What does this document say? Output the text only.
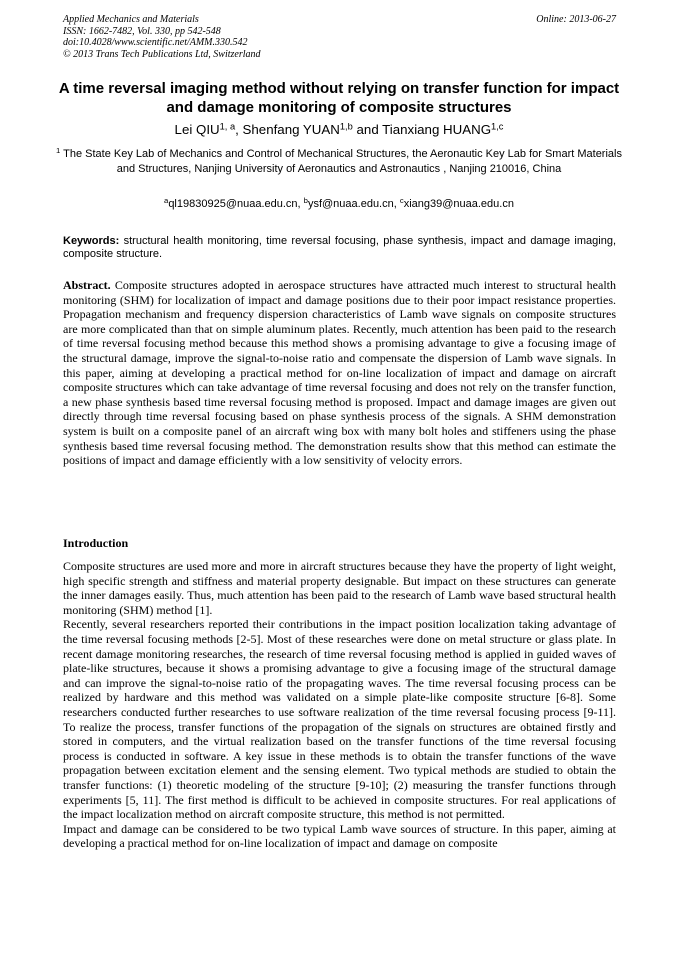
Applied Mechanics and Materials
ISSN: 1662-7482, Vol. 330, pp 542-548
doi:10.4028/www.scientific.net/AMM.330.542
© 2013 Trans Tech Publications Ltd, Switzerland
Online: 2013-06-27
A time reversal imaging method without relying on transfer function for impact and damage monitoring of composite structures
Lei QIU$^{1, a}$, Shenfang YUAN$^{1,b}$ and Tianxiang HUANG$^{1,c}$
$^1$ The State Key Lab of Mechanics and Control of Mechanical Structures, the Aeronautic Key Lab for Smart Materials and Structures, Nanjing University of Aeronautics and Astronautics , Nanjing 210016, China
$^a$ql19830925@nuaa.edu.cn, $^b$ysf@nuaa.edu.cn, $^c$xiang39@nuaa.edu.cn
Keywords: structural health monitoring, time reversal focusing, phase synthesis, impact and damage imaging, composite structure.
Abstract. Composite structures adopted in aerospace structures have attracted much interest to structural health monitoring (SHM) for localization of impact and damage positions due to their poor impact resistance properties. Propagation mechanism and frequency dispersion characteristics of Lamb wave signals on composite structures are more complicated than that on simple aluminum plates. Recently, much attention has been paid to the research of time reversal focusing method because this method shows a promising advantage to give a focusing image of the structural damage, improve the signal-to-noise ratio and compensate the dispersion of Lamb wave signals. In this paper, aiming at developing a practical method for on-line localization of impact and damage on aircraft composite structures which can take advantage of time reversal focusing and does not rely on the transfer function, a new phase synthesis based time reversal focusing method is proposed. Impact and damage images are given out directly through time reversal focusing based on phase synthesis process of the signals. A SHM demonstration system is built on a composite panel of an aircraft wing box with many bolt holes and stiffeners using the phase synthesis based time reversal focusing method. The demonstration results show that this method can estimate the positions of impact and damage efficiently with a low sensitivity of velocity errors.
Introduction

Composite structures are used more and more in aircraft structures because they have the property of light weight, high specific strength and stiffness and material property designable. But impact on these structures can generate the inner damages easily. Thus, much attention has been paid to the research of Lamb wave based structural health monitoring (SHM) method [1].

Recently, several researchers reported their contributions in the impact position localization taking advantage of the time reversal focusing methods [2-5]. Most of these researches were done on metal structure or glass plate. In recent damage monitoring researches, the research of time reversal focusing method is applied in guided waves of plate-like structures, because it shows a promising advantage to give a focusing image of the structural damage and can improve the signal-to-noise ratio of the propagating waves. The time reversal focusing process can be realized by hardware and this method was validated on a simple plate-like composite structure [6-8]. Some researchers conducted further researches to use software realization of the time reversal focusing process [9-11]. To realize the process, transfer functions of the propagation of the signals on structures are obtained firstly and stored in computers, and the virtual realization based on the transfer functions of the time reversal focusing process is conducted in software. A key issue in these methods is to obtain the transfer functions of the wave propagation between excitation element and the sensing element. Two typical methods are studied to obtain the transfer functions: (1) theoretic modeling of the structure [9-10]; (2) measuring the transfer functions through experiments [5, 11]. The first method is difficult to be achieved in composite structures. For real applications of the impact localization method on aircraft composite structure, this method is not permitted.

Impact and damage can be considered to be two typical Lamb wave sources of structure. In this paper, aiming at developing a practical method for on-line localization of impact and damage on composite
